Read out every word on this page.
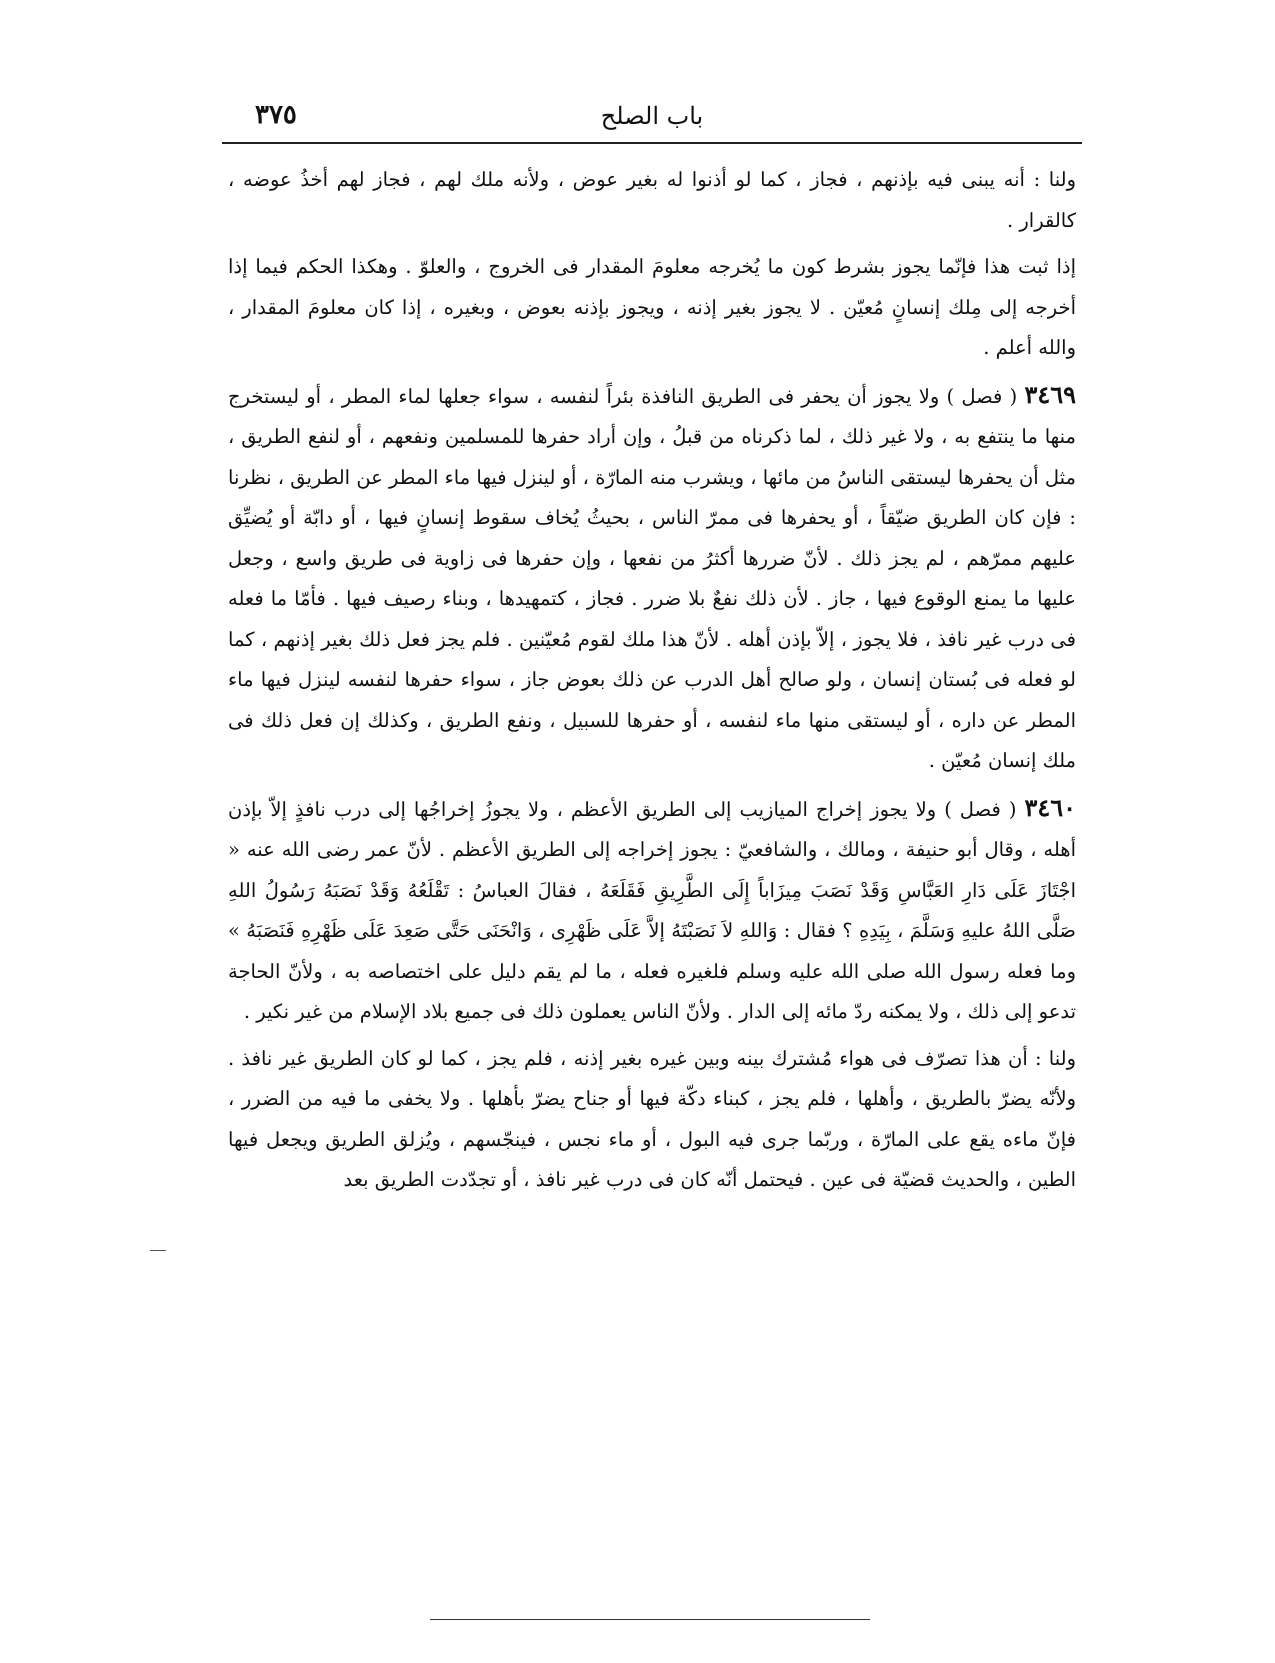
٣٧٥	باب الصلح

ولنا : أنه يبنى فيه بإذنهم ، فجاز ، كما لو أذنوا له بغير عوض ، ولأنه ملك لهم ، فجاز لهم أخذُ عوضه ، كالقرار .

إذا ثبت هذا فإنّما يجوز بشرط كون ما يُخرجه معلومَ المقدار فى الخروج ، والعلوّ . وهكذا الحكم فيما إذا أخرجه إلى مِلك إنسانٍ مُعيّن . لا يجوز بغير إذنه ، ويجوز بإذنه بعوض ، وبغيره ، إذا كان معلومَ المقدار ، والله أعلم .

٣٤٦٩ ( فصل ) ولا يجوز أن يحفر فى الطريق النافذة بئراً لنفسه ، سواء جعلها لماء المطر ، أو ليستخرج منها ما ينتفع به ، ولا غير ذلك ، لما ذكرناه من قبلُ ، وإن أراد حفرها للمسلمين ونفعهم ، أو لنفع الطريق ، مثل أن يحفرها ليستقى الناسُ من مائها ، ويشرب منه المارّة ، أو لينزل فيها ماء المطر عن الطريق ، نظرنا : فإن كان الطريق ضيّقاً ، أو يحفرها فى ممرّ الناس ، بحيثُ يُخاف سقوط إنسانٍ فيها ، أو دابّة أو يُضيِّق عليهم ممرّهم ، لم يجز ذلك . لأنّ ضررها أكثرُ من نفعها ، وإن حفرها فى زاوية فى طريق واسع ، وجعل عليها ما يمنع الوقوع فيها ، جاز . لأن ذلك نفعٌ بلا ضرر . فجاز ، كتمهيدها ، وبناء رصيف فيها . فأمّا ما فعله فى درب غير نافذ ، فلا يجوز ، إلاّ بإذن أهله . لأنّ هذا ملك لقوم مُعيّنين . فلم يجز فعل ذلك بغير إذنهم ، كما لو فعله فى بُستان إنسان ، ولو صالح أهل الدرب عن ذلك بعوض جاز ، سواء حفرها لنفسه لينزل فيها ماء المطر عن داره ، أو ليستقى منها ماء لنفسه ، أو حفرها للسبيل ، ونفع الطريق ، وكذلك إن فعل ذلك فى ملك إنسان مُعيّن .

٣٤٦٠ ( فصل ) ولا يجوز إخراج الميازيب إلى الطريق الأعظم ، ولا يجوزُ إخراجُها إلى درب نافذٍ إلاّ بإذن أهله ، وقال أبو حنيفة ، ومالك ، والشافعيّ : يجوز إخراجه إلى الطريق الأعظم . لأنّ عمر رضى الله عنه « اجْتَازَ عَلَى دَارِ العَبَّاسِ وَقَدْ نَصَبَ مِيزَاباً إِلَى الطَّرِيقِ فَقَلَعَهُ ، فقالَ العباسُ : تَقْلَعُهُ وَقَدْ نَصَبَهُ رَسُولُ اللهِ صَلَّى اللهُ عليهِ وَسَلَّمَ ، بِيَدِهِ ؟ فقال : وَاللهِ لاَ نَصَبْتَهُ إلاَّ عَلَى ظَهْرِى ، وَانْحَنَى حَتَّى صَعِدَ عَلَى ظَهْرِهِ فَنَصَبَهُ » وما فعله رسول الله صلى الله عليه وسلم فلغيره فعله ، ما لم يقم دليل على اختصاصه به ، ولأنّ الحاجة تدعو إلى ذلك ، ولا يمكنه ردّ مائه إلى الدار . ولأنّ الناس يعملون ذلك فى جميع بلاد الإسلام من غير نكير .

ولنا : أن هذا تصرّف فى هواء مُشترك بينه وبين غيره بغير إذنه ، فلم يجز ، كما لو كان الطريق غير نافذ . ولأنّه يضرّ بالطريق ، وأهلها ، فلم يجز ، كبناء دكّة فيها أو جناح يضرّ بأهلها . ولا يخفى ما فيه من الضرر ، فإنّ ماءه يقع على المارّة ، وربّما جرى فيه البول ، أو ماء نجس ، فينجّسهم ، ويُزلق الطريق ويجعل فيها الطين ، والحديث قضيّة فى عين . فيحتمل أنّه كان فى درب غير نافذ ، أو تجدّدت الطريق بعد
